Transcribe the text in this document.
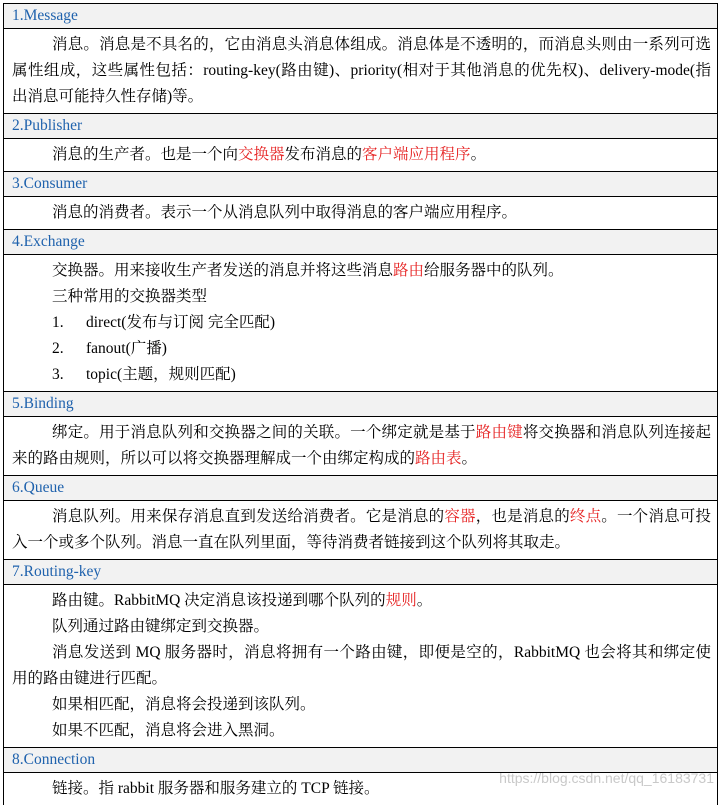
1.Message

消息。消息是不具名的，它由消息头消息体组成。消息体是不透明的，而消息头则由一系列可选属性组成，这些属性包括：routing-key(路由键)、priority(相对于其他消息的优先权)、delivery-mode(指出消息可能持久性存储)等。

2.Publisher

消息的生产者。也是一个向交换器发布消息的客户端应用程序。

3.Consumer

消息的消费者。表示一个从消息队列中取得消息的客户端应用程序。

4.Exchange

交换器。用来接收生产者发送的消息并将这些消息路由给服务器中的队列。

三种常用的交换器类型

1. direct(发布与订阅 完全匹配)

2. fanout(广播)

3. topic(主题，规则匹配)

5.Binding

绑定。用于消息队列和交换器之间的关联。一个绑定就是基于路由键将交换器和消息队列连接起来的路由规则，所以可以将交换器理解成一个由绑定构成的路由表。

6.Queue

消息队列。用来保存消息直到发送给消费者。它是消息的容器，也是消息的终点。一个消息可投入一个或多个队列。消息一直在队列里面，等待消费者链接到这个队列将其取走。

7.Routing-key

路由键。RabbitMQ 决定消息该投递到哪个队列的规则。

队列通过路由键绑定到交换器。

消息发送到 MQ 服务器时，消息将拥有一个路由键，即便是空的，RabbitMQ 也会将其和绑定使用的路由键进行匹配。

如果相匹配，消息将会投递到该队列。

如果不匹配，消息将会进入黑洞。

8.Connection

链接。指 rabbit 服务器和服务建立的 TCP 链接。

https://blog.csdn.net/qq_16183731
